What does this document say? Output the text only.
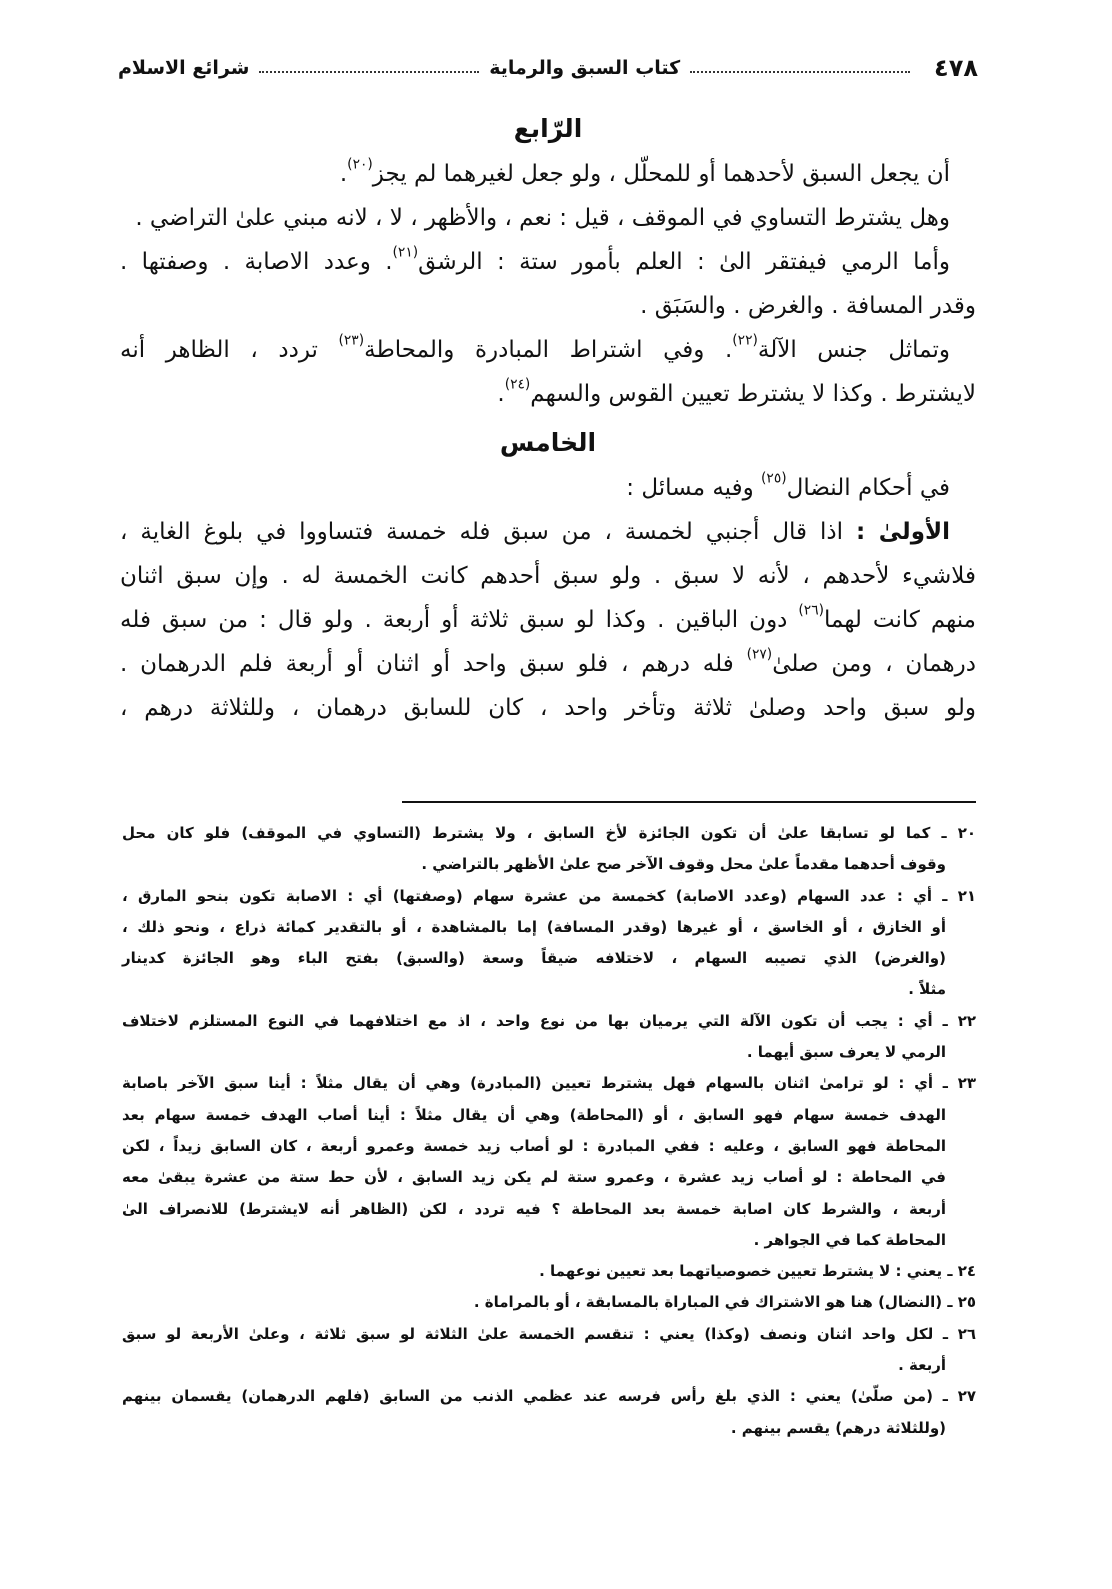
٤٧٨
كتاب السبق والرماية
شرائع الاسلام
الرّابع
أن يجعل السبق لأحدهما أو للمحلّل ، ولو جعل لغيرهما لم يجز$^{(٢٠)}$.
وهل يشترط التساوي في الموقف ، قيل : نعم ، والأظهر ، لا ، لانه مبني علىٰ التراضي .
وأما الرمي فيفتقر الىٰ : العلم بأمور ستة : الرشق$^{(٢١)}$. وعدد الاصابة . وصفتها .
وقدر المسافة . والغرض . والسَبَق .
وتماثل جنس الآلة$^{(٢٢)}$. وفي اشتراط المبادرة والمحاطة$^{(٢٣)}$ تردد ، الظاهر أنه
لايشترط . وكذا لا يشترط تعيين القوس والسهم$^{(٢٤)}$.
الخامس
في أحكام النضال$^{(٢٥)}$ وفيه مسائل :
الأولىٰ : اذا قال أجنبي لخمسة ، من سبق فله خمسة فتساووا في بلوغ الغاية ،
فلاشيء لأحدهم ، لأنه لا سبق . ولو سبق أحدهم كانت الخمسة له . وإن سبق اثنان
منهم كانت لهما$^{(٢٦)}$ دون الباقين . وكذا لو سبق ثلاثة أو أربعة . ولو قال : من سبق فله
درهمان ، ومن صلىٰ$^{(٢٧)}$ فله درهم ، فلو سبق واحد أو اثنان أو أربعة فلم الدرهمان .
ولو سبق واحد وصلىٰ ثلاثة وتأخر واحد ، كان للسابق درهمان ، وللثلاثة درهم ،
٢٠ ـ كما لو تسابقا علىٰ أن تكون الجائزة لأخ السابق ، ولا يشترط (التساوي في الموقف) فلو كان محل
وقوف أحدهما مقدماً علىٰ محل وقوف الآخر صح علىٰ الأظهر بالتراضي .
٢١ ـ أي : عدد السهام (وعدد الاصابة) كخمسة من عشرة سهام (وصفتها) أي : الاصابة تكون بنحو المارق ،
أو الخازق ، أو الخاسق ، أو غيرها (وقدر المسافة) إما بالمشاهدة ، أو بالتقدير كمائة ذراع ، ونحو ذلك ،
(والغرض) الذي تصيبه السهام ، لاختلافه ضيقاً وسعة (والسبق) بفتح الباء وهو الجائزة كدينار
مثلاً .
٢٢ ـ أي : يجب أن تكون الآلة التي يرميان بها من نوع واحد ، اذ مع اختلافهما في النوع المستلزم لاختلاف
الرمي لا يعرف سبق أيهما .
٢٣ ـ أي : لو ترامىٰ اثنان بالسهام فهل يشترط تعيين (المبادرة) وهي أن يقال مثلاً : أينا سبق الآخر باصابة
الهدف خمسة سهام فهو السابق ، أو (المحاطة) وهي أن يقال مثلاً : أينا أصاب الهدف خمسة سهام بعد
المحاطة فهو السابق ، وعليه : ففي المبادرة : لو أصاب زيد خمسة وعمرو أربعة ، كان السابق زيداً ، لكن
في المحاطة : لو أصاب زيد عشرة ، وعمرو ستة لم يكن زيد السابق ، لأن حط ستة من عشرة يبقىٰ معه
أربعة ، والشرط كان اصابة خمسة بعد المحاطة ؟ فيه تردد ، لكن (الظاهر أنه لايشترط) للانصراف الىٰ
المحاطة كما في الجواهر .
٢٤ ـ يعني : لا يشترط تعيين خصوصياتهما بعد تعيين نوعهما .
٢٥ ـ (النضال) هنا هو الاشتراك في المباراة بالمسابقة ، أو بالمراماة .
٢٦ ـ لكل واحد اثنان ونصف (وكذا) يعني : تنقسم الخمسة علىٰ الثلاثة لو سبق ثلاثة ، وعلىٰ الأربعة لو سبق
أربعة .
٢٧ ـ (من صلّىٰ) يعني : الذي بلغ رأس فرسه عند عظمي الذنب من السابق (فلهم الدرهمان) يقسمان بينهم
(وللثلاثة درهم) يقسم بينهم .
